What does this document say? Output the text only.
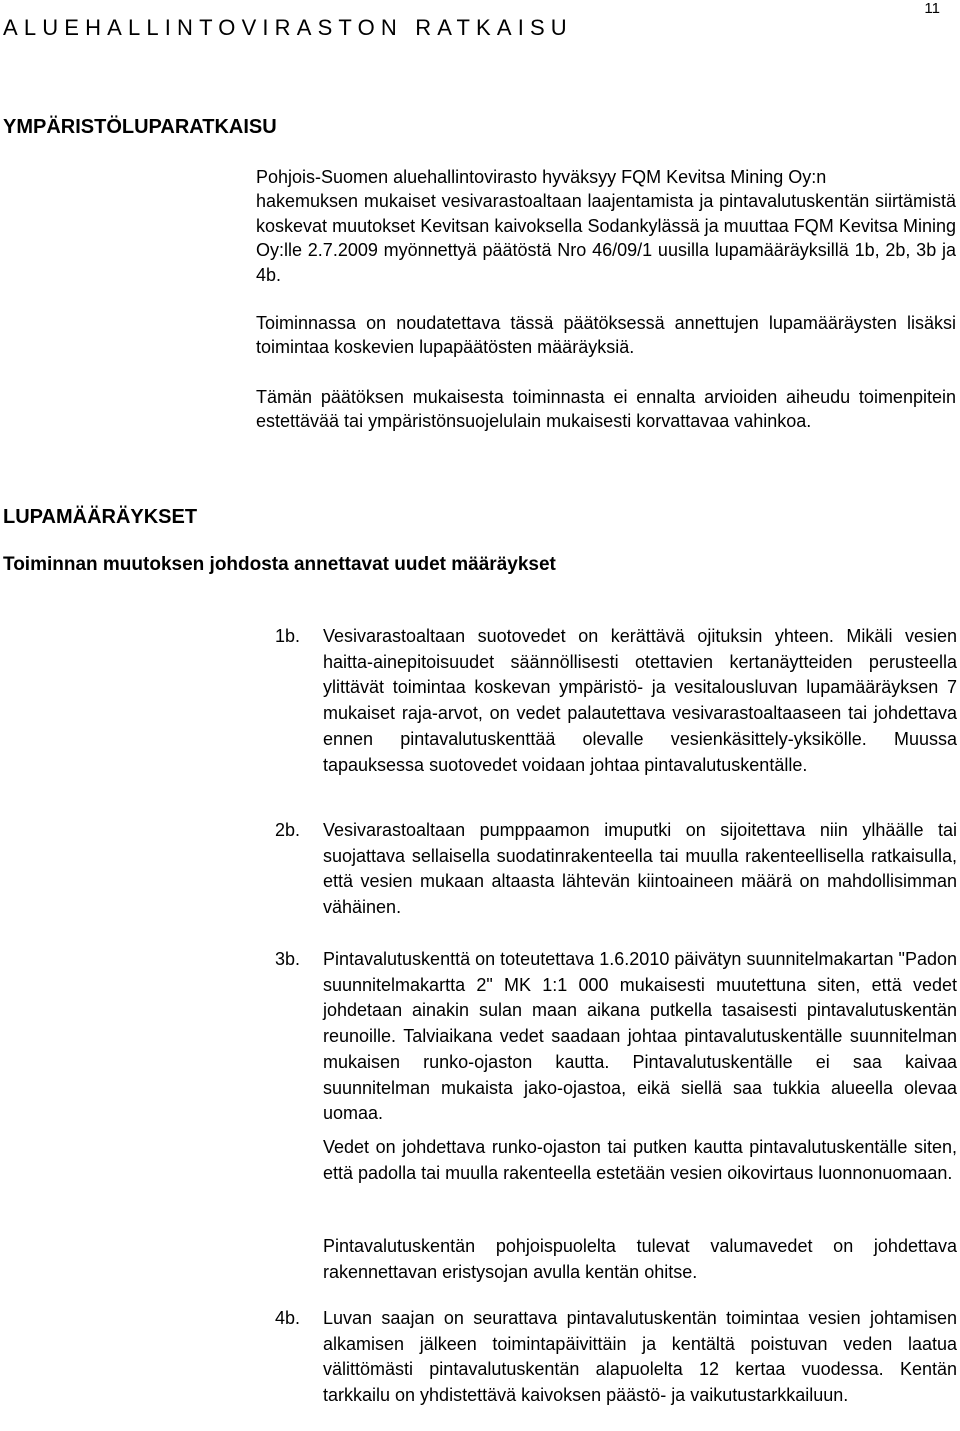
ALUEHALLINTOVIRASTON RATKAISU
11
YMPÄRISTÖLUPARATKAISU

Pohjois-Suomen aluehallintovirasto hyväksyy FQM Kevitsa Mining Oy:n
hakemuksen mukaiset vesivarastoaltaan laajentamista ja pintavalutuskentän siirtämistä koskevat muutokset Kevitsan kaivoksella Sodankylässä ja muuttaa FQM Kevitsa Mining Oy:lle 2.7.2009 myönnettyä päätöstä Nro 46/09/1 uusilla lupamääräyksillä 1b, 2b, 3b ja 4b.

Toiminnassa on noudatettava tässä päätöksessä annettujen lupamääräysten lisäksi toimintaa koskevien lupapäätösten määräyksiä.

Tämän päätöksen mukaisesta toiminnasta ei ennalta arvioiden aiheudu toimenpitein estettävää tai ympäristönsuojelulain mukaisesti korvattavaa vahinkoa.

LUPAMÄÄRÄYKSET
Toiminnan muutoksen johdosta annettavat uudet määräykset
1b. Vesivarastoaltaan suotovedet on kerättävä ojituksin yhteen. Mikäli vesien haitta-ainepitoisuudet säännöllisesti otettavien kertanäytteiden perusteella ylittävät toimintaa koskevan ympäristö- ja vesitalousluvan lupamääräyksen 7 mukaiset raja-arvot, on vedet palautettava vesivarastoaltaaseen tai johdettava ennen pintavalutuskenttää olevalle vesienkäsittely-yksikölle. Muussa tapauksessa suotovedet voidaan johtaa pintavalutuskentälle.
2b. Vesivarastoaltaan pumppaamon imuputki on sijoitettava niin ylhäälle tai suojattava sellaisella suodatinrakenteella tai muulla rakenteellisella ratkaisulla, että vesien mukaan altaasta lähtevän kiintoaineen määrä on mahdollisimman vähäinen.
3b. Pintavalutuskenttä on toteutettava 1.6.2010 päivätyn suunnitelmakartan "Padon suunnitelmakartta 2" MK 1:1 000 mukaisesti muutettuna siten, että vedet johdetaan ainakin sulan maan aikana putkella tasaisesti pintavalutuskentän reunoille. Talviaikana vedet saadaan johtaa pintavalutuskentälle suunnitelman mukaisen runko-ojaston kautta. Pintavalutuskentälle ei saa kaivaa suunnitelman mukaista jako-ojastoa, eikä siellä saa tukkia alueella olevaa uomaa.
Vedet on johdettava runko-ojaston tai putken kautta pintavalutuskentälle siten, että padolla tai muulla rakenteella estetään vesien oikovirtaus luonnonuomaan.
Pintavalutuskentän pohjoispuolelta tulevat valumavedet on johdettava rakennettavan eristysojan avulla kentän ohitse.
4b. Luvan saajan on seurattava pintavalutuskentän toimintaa vesien johtamisen alkamisen jälkeen toimintapäivittäin ja kentältä poistuvan veden laatua välittömästi pintavalutuskentän alapuolelta 12 kertaa vuodessa. Kentän tarkkailu on yhdistettävä kaivoksen päästö- ja vaikutustarkkailuun.
